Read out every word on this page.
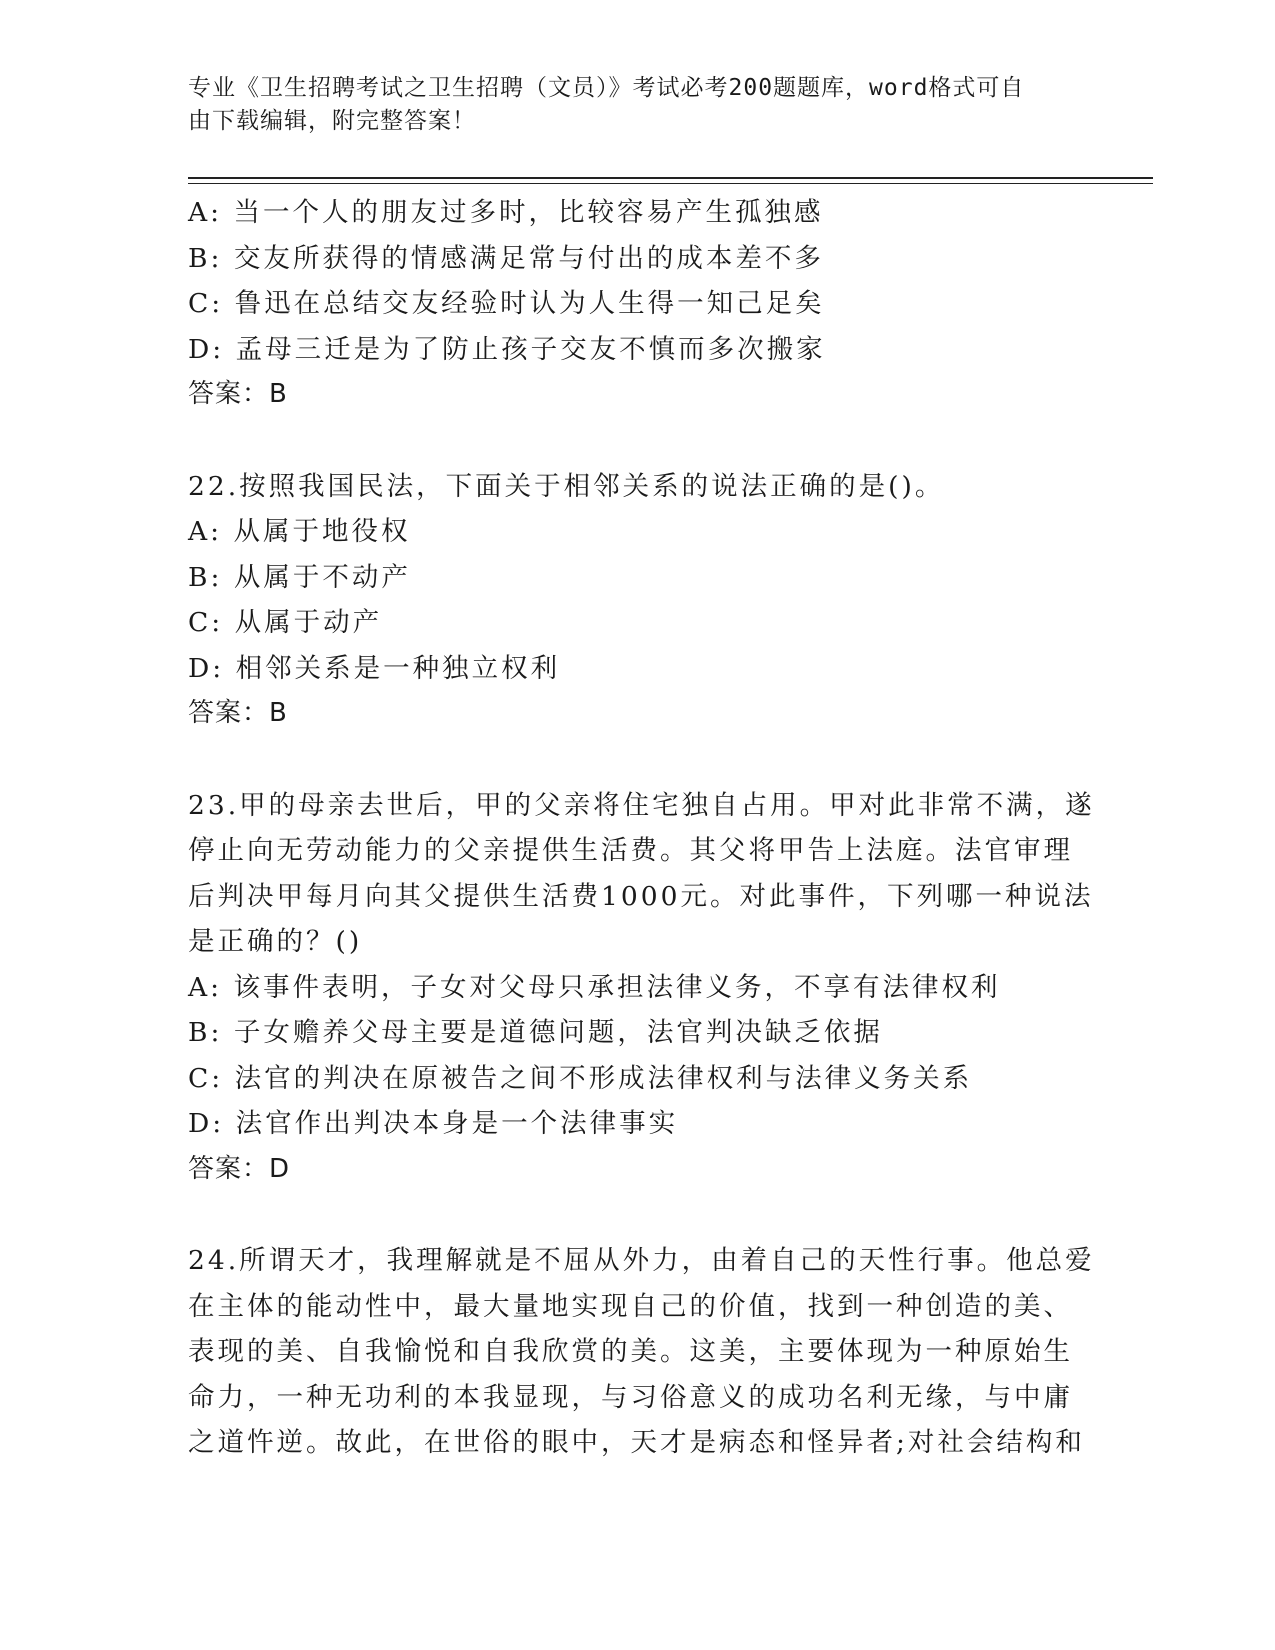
专业《卫生招聘考试之卫生招聘（文员）》考试必考200题题库，word格式可自
由下载编辑，附完整答案！
A: 当一个人的朋友过多时，比较容易产生孤独感
B: 交友所获得的情感满足常与付出的成本差不多
C: 鲁迅在总结交友经验时认为人生得一知己足矣
D: 孟母三迁是为了防止孩子交友不慎而多次搬家
答案：B
22.按照我国民法，下面关于相邻关系的说法正确的是()。
A: 从属于地役权
B: 从属于不动产
C: 从属于动产
D: 相邻关系是一种独立权利
答案：B
23.甲的母亲去世后，甲的父亲将住宅独自占用。甲对此非常不满，遂
停止向无劳动能力的父亲提供生活费。其父将甲告上法庭。法官审理
后判决甲每月向其父提供生活费1000元。对此事件，下列哪一种说法
是正确的？()
A: 该事件表明，子女对父母只承担法律义务，不享有法律权利
B: 子女赡养父母主要是道德问题，法官判决缺乏依据
C: 法官的判决在原被告之间不形成法律权利与法律义务关系
D: 法官作出判决本身是一个法律事实
答案：D
24.所谓天才，我理解就是不屈从外力，由着自己的天性行事。他总爱
在主体的能动性中，最大量地实现自己的价值，找到一种创造的美、
表现的美、自我愉悦和自我欣赏的美。这美，主要体现为一种原始生
命力，一种无功利的本我显现，与习俗意义的成功名利无缘，与中庸
之道忤逆。故此，在世俗的眼中，天才是病态和怪异者;对社会结构和
